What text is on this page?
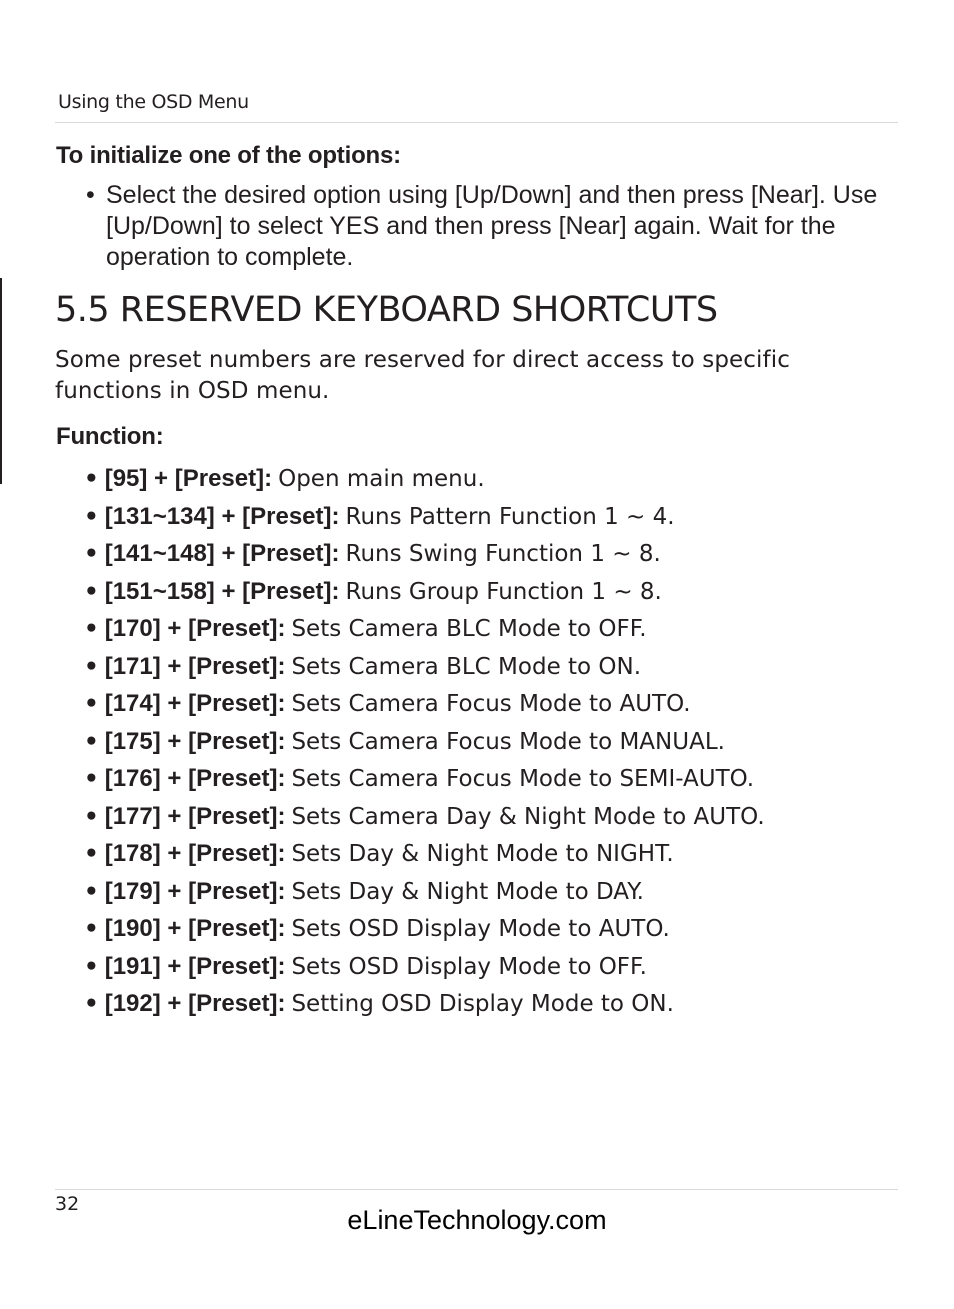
Using the OSD Menu
To initialize one of the options:
• Select the desired option using [Up/Down] and then press [Near]. Use [Up/Down] to select YES and then press [Near] again. Wait for the operation to complete.
5.5 RESERVED KEYBOARD SHORTCUTS
Some preset numbers are reserved for direct access to specific functions in OSD menu.
Function:
• [95] + [Preset]: Open main menu.
• [131~134] + [Preset]: Runs Pattern Function 1 ~ 4.
• [141~148] + [Preset]: Runs Swing Function 1 ~ 8.
• [151~158] + [Preset]: Runs Group Function 1 ~ 8.
• [170] + [Preset]: Sets Camera BLC Mode to OFF.
• [171] + [Preset]: Sets Camera BLC Mode to ON.
• [174] + [Preset]: Sets Camera Focus Mode to AUTO.
• [175] + [Preset]: Sets Camera Focus Mode to MANUAL.
• [176] + [Preset]: Sets Camera Focus Mode to SEMI-AUTO.
• [177] + [Preset]: Sets Camera Day & Night Mode to AUTO.
• [178] + [Preset]: Sets Day & Night Mode to NIGHT.
• [179] + [Preset]: Sets Day & Night Mode to DAY.
• [190] + [Preset]: Sets OSD Display Mode to AUTO.
• [191] + [Preset]: Sets OSD Display Mode to OFF.
• [192] + [Preset]: Setting OSD Display Mode to ON.
32
eLineTechnology.com
